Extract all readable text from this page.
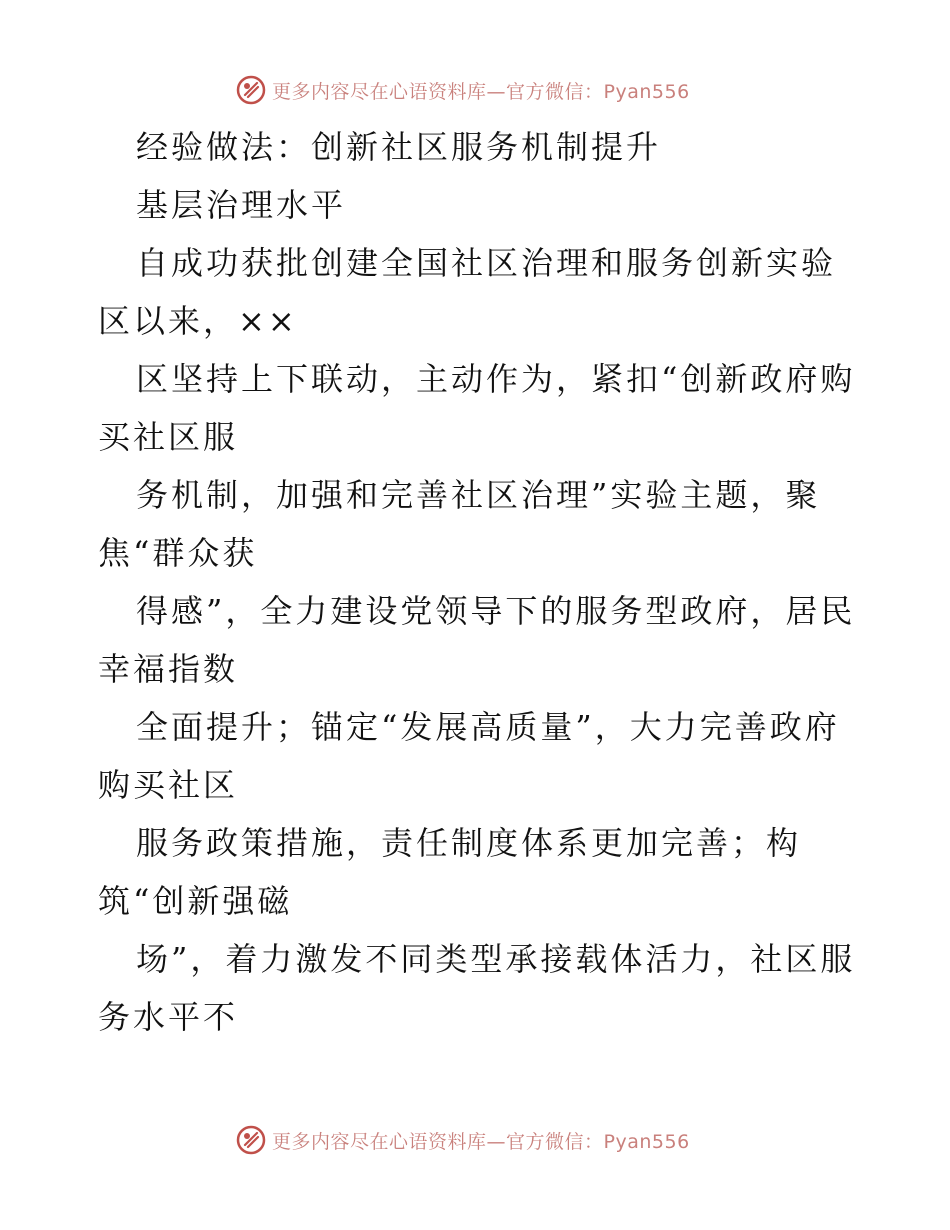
更多内容尽在心语资料库—官方微信：Pyan556

经验做法：创新社区服务机制提升

基层治理水平

自成功获批创建全国社区治理和服务创新实验区以来，××

区坚持上下联动，主动作为，紧扣“创新政府购买社区服

务机制，加强和完善社区治理”实验主题，聚焦“群众获

得感”，全力建设党领导下的服务型政府，居民幸福指数

全面提升；锚定“发展高质量”，大力完善政府购买社区

服务政策措施，责任制度体系更加完善；构筑“创新强磁

场”，着力激发不同类型承接载体活力，社区服务水平不

更多内容尽在心语资料库—官方微信：Pyan556
